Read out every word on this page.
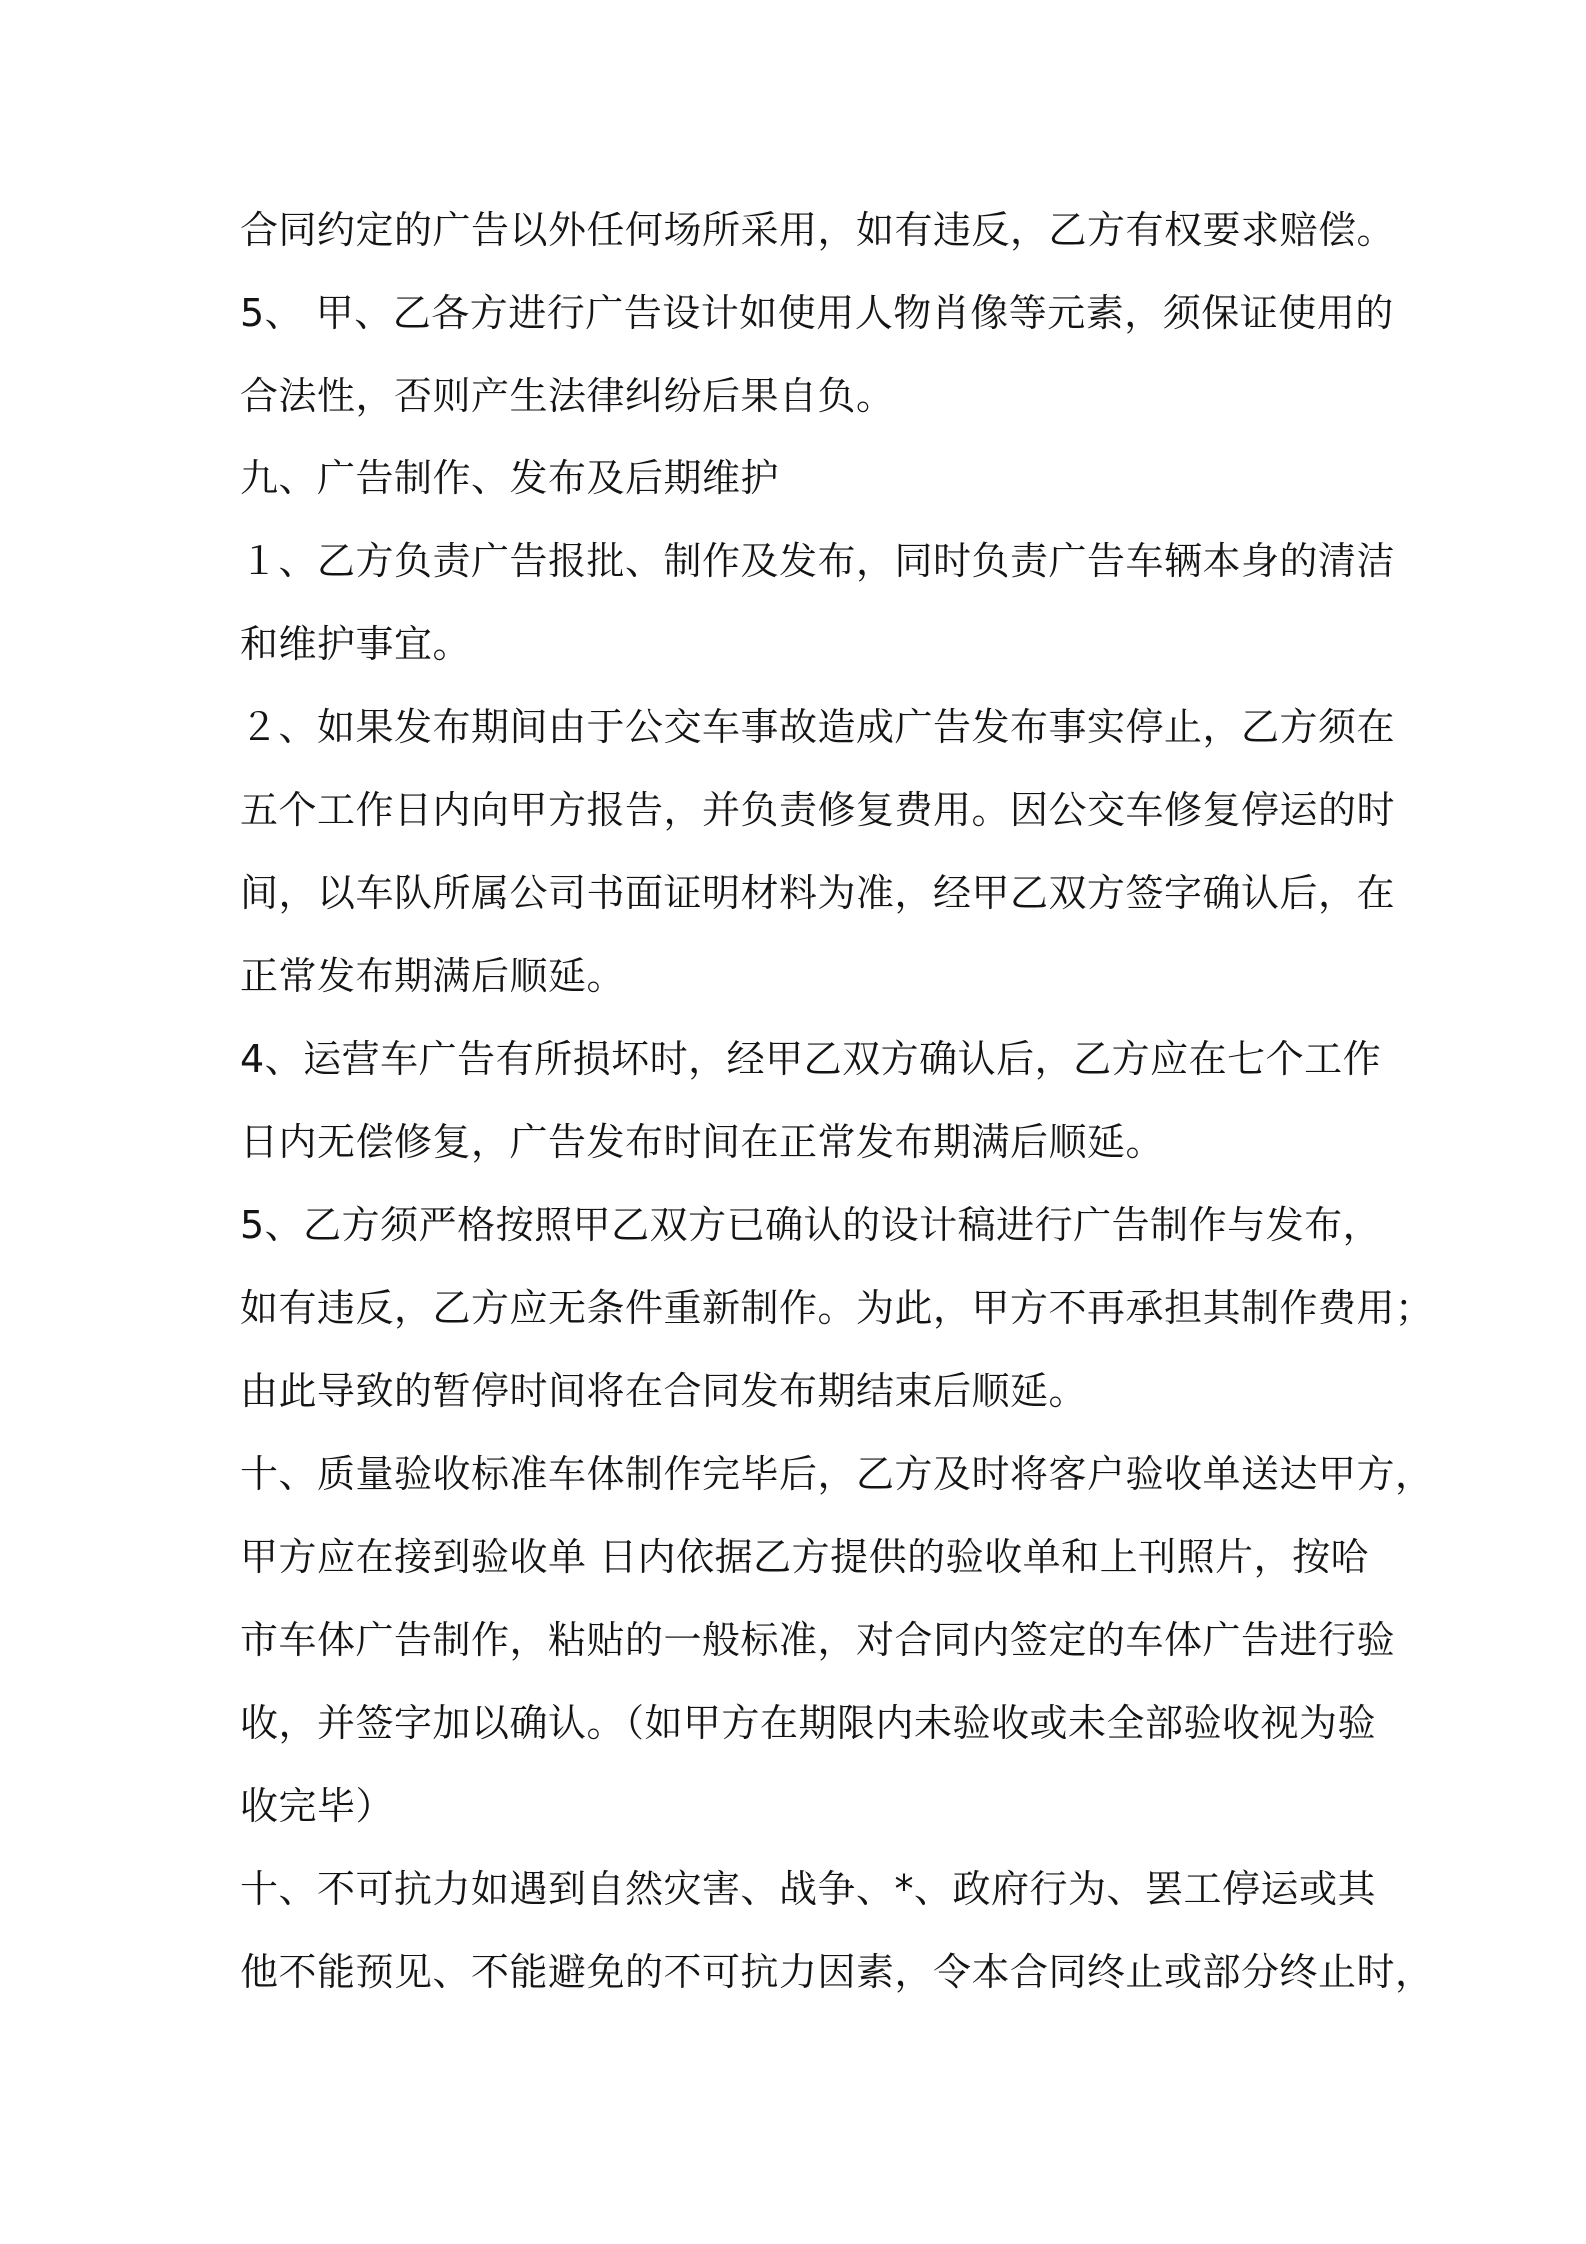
合同约定的广告以外任何场所采用，如有违反，乙方有权要求赔偿。
5、 甲、乙各方进行广告设计如使用人物肖像等元素，须保证使用的
合法性，否则产生法律纠纷后果自负。
九、广告制作、发布及后期维护
１、乙方负责广告报批、制作及发布，同时负责广告车辆本身的清洁
和维护事宜。
２、如果发布期间由于公交车事故造成广告发布事实停止，乙方须在
五个工作日内向甲方报告，并负责修复费用。因公交车修复停运的时
间，以车队所属公司书面证明材料为准，经甲乙双方签字确认后，在
正常发布期满后顺延。
4、运营车广告有所损坏时，经甲乙双方确认后，乙方应在七个工作
日内无偿修复，广告发布时间在正常发布期满后顺延。
5、乙方须严格按照甲乙双方已确认的设计稿进行广告制作与发布，
如有违反，乙方应无条件重新制作。为此，甲方不再承担其制作费用；
由此导致的暂停时间将在合同发布期结束后顺延。
十、质量验收标准车体制作完毕后，乙方及时将客户验收单送达甲方，
甲方应在接到验收单 日内依据乙方提供的验收单和上刊照片，按哈
市车体广告制作，粘贴的一般标准，对合同内签定的车体广告进行验
收，并签字加以确认。（如甲方在期限内未验收或未全部验收视为验
收完毕）
十、不可抗力如遇到自然灾害、战争、*、政府行为、罢工停运或其
他不能预见、不能避免的不可抗力因素，令本合同终止或部分终止时，
